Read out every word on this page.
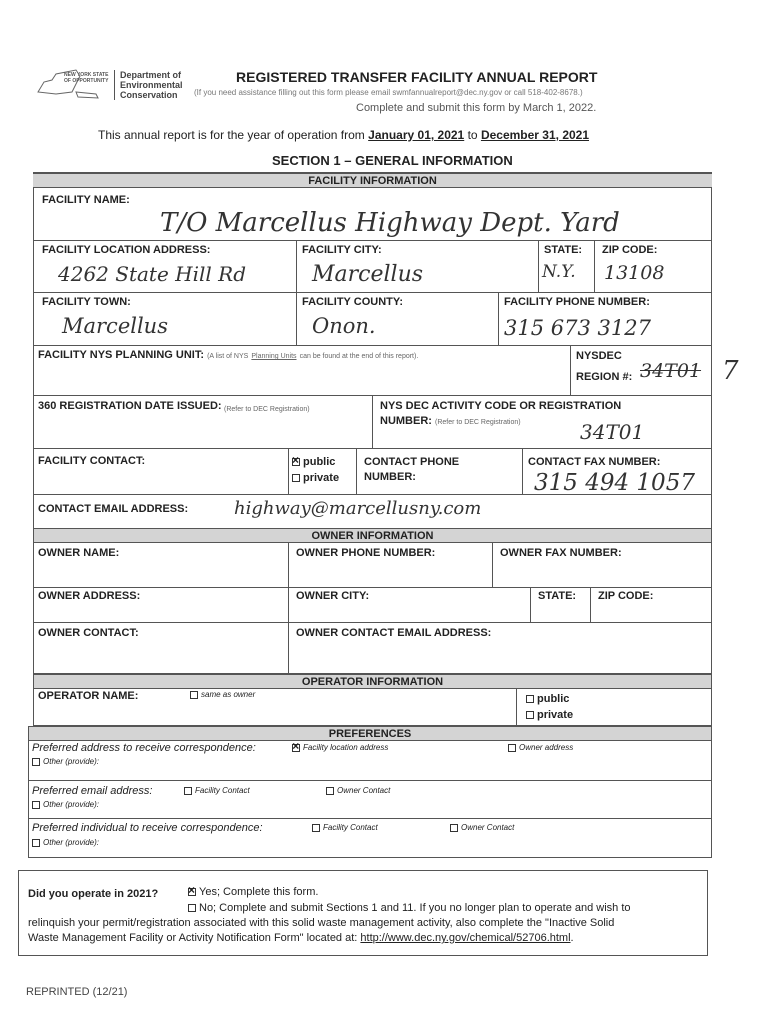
NEW YORK STATE OF OPPORTUNITY
Department of
Environmental
Conservation
REGISTERED TRANSFER FACILITY ANNUAL REPORT
(If you need assistance filling out this form please email swmfannualreport@dec.ny.gov or call 518-402-8678.)
Complete and submit this form by March 1, 2022.
This annual report is for the year of operation from January 01, 2021 to December 31, 2021
SECTION 1 – GENERAL INFORMATION
FACILITY INFORMATION
FACILITY NAME:
T/O Marcellus Highway Dept. Yard
FACILITY LOCATION ADDRESS:
4262 State Hill Rd
FACILITY CITY:
Marcellus
STATE:
N.Y.
ZIP CODE:
13108
FACILITY TOWN:
Marcellus
FACILITY COUNTY:
Onon.
FACILITY PHONE NUMBER:
315 673 3127
FACILITY NYS PLANNING UNIT: (A list of NYS Planning Units can be found at the end of this report).	NYSDEC
REGION #: 34T01 7
360 REGISTRATION DATE ISSUED: (Refer to DEC Registration)	NYS DEC ACTIVITY CODE OR REGISTRATION
NUMBER: (Refer to DEC Registration)	34T01
FACILITY CONTACT: ×	public
private
CONTACT PHONE
NUMBER:
CONTACT FAX NUMBER:
315 494 1057
CONTACT EMAIL ADDRESS:	highway@marcellusny.com
OWNER INFORMATION
OWNER NAME:	OWNER PHONE NUMBER:	OWNER FAX NUMBER:
OWNER ADDRESS:	OWNER CITY:	STATE: ZIP CODE:
OWNER CONTACT:	OWNER CONTACT EMAIL ADDRESS:
OPERATOR INFORMATION
OPERATOR NAME:	same as owner	public
private
PREFERENCES
Preferred address to receive correspondence: ×	Facility location address	Owner address
Other (provide):
Preferred email address:	Facility Contact	Owner Contact
Other (provide):
Preferred individual to receive correspondence:	Facility Contact	Owner Contact
Other (provide):
Did you operate in 2021? ×	Yes; Complete this form.
No; Complete and submit Sections 1 and 11. If you no longer plan to operate and wish to
relinquish your permit/registration associated with this solid waste management activity, also complete the "Inactive Solid
Waste Management Facility or Activity Notification Form" located at: http://www.dec.ny.gov/chemical/52706.html.
REPRINTED (12/21)
